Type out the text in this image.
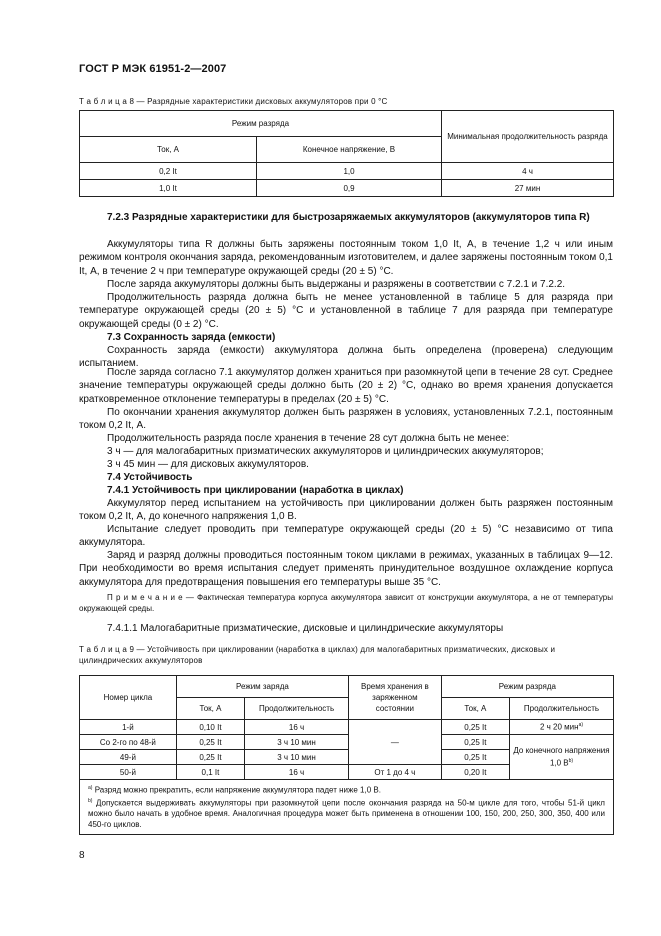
ГОСТ Р МЭК 61951-2—2007
Т а б л и ц а 8 — Разрядные характеристики дисковых аккумуляторов при 0 °С
Режим разряда		Минимальная продолжительность разряда
Ток, А	Конечное напряжение, В	
0,2 It	1,0	4 ч
1,0 It	0,9	27 мин
7.2.3 Разрядные характеристики для быстрозаряжаемых аккумуляторов (аккумуляторов типа R)
Аккумуляторы типа R должны быть заряжены постоянным током 1,0 It, А, в течение 1,2 ч или иным режимом контроля окончания заряда, рекомендованным изготовителем, и далее заряжены постоянным током 0,1 It, А, в течение 2 ч при температуре окружающей среды (20 ± 5) °С.
После заряда аккумуляторы должны быть выдержаны и разряжены в соответствии с 7.2.1 и 7.2.2.
Продолжительность разряда должна быть не менее установленной в таблице 5 для разряда при температуре окружающей среды (20 ± 5) °С и установленной в таблице 7 для разряда при температуре окружающей среды (0 ± 2) °С.
7.3 Сохранность заряда (емкости)
Сохранность заряда (емкости) аккумулятора должна быть определена (проверена) следующим испытанием.
После заряда согласно 7.1 аккумулятор должен храниться при разомкнутой цепи в течение 28 сут. Среднее значение температуры окружающей среды должно быть (20 ± 2) °С, однако во время хранения допускается кратковременное отклонение температуры в пределах (20 ± 5) °С.
По окончании хранения аккумулятор должен быть разряжен в условиях, установленных 7.2.1, постоянным током 0,2 It, А.
Продолжительность разряда после хранения в течение 28 сут должна быть не менее:
3 ч — для малогабаритных призматических аккумуляторов и цилиндрических аккумуляторов;
3 ч 45 мин — для дисковых аккумуляторов.
7.4 Устойчивость
7.4.1 Устойчивость при циклировании (наработка в циклах)
Аккумулятор перед испытанием на устойчивость при циклировании должен быть разряжен постоянным током 0,2 It, А, до конечного напряжения 1,0 В.
Испытание следует проводить при температуре окружающей среды (20 ± 5) °С независимо от типа аккумулятора.
Заряд и разряд должны проводиться постоянным током циклами в режимах, указанных в таблицах 9—12. При необходимости во время испытания следует применять принудительное воздушное охлаждение корпуса аккумулятора для предотвращения повышения его температуры выше 35 °С.
П р и м е ч а н и е — Фактическая температура корпуса аккумулятора зависит от конструкции аккумулятора, а не от температуры окружающей среды.
7.4.1.1 Малогабаритные призматические, дисковые и цилиндрические аккумуляторы
Т а б л и ц а 9 — Устойчивость при циклировании (наработка в циклах) для малогабаритных призматических, дисковых и цилиндрических аккумуляторов
Номер цикла	Режим заряда		Время хранения в заряженном состоянии	Режим разряда	
	Ток, А	Продолжительность		Ток, А	Продолжительность
1-й	0,10 It	16 ч	—	0,25 It	2 ч 20 мин$^{а)}$
Со 2-го по 48-й	0,25 It	3 ч 10 мин		0,25 It	До конечного напряжения 1,0 $В^{b)}$
49-й	0,25 It	3 ч 10 мин		0,25 It	
50-й	0,1 It	16 ч	От 1 до 4 ч	0,20 It	

$^{а)}$ Разряд можно прекратить, если напряжение аккумулятора падет ниже 1,0 В.
$^{b)}$ Допускается выдерживать аккумуляторы при разомкнутой цепи после окончания разряда на 50-м цикле для того, чтобы 51-й цикл можно было начать в удобное время. Аналогичная процедура может быть применена в отношении 100, 150, 200, 250, 300, 350, 400 или 450-го циклов.					
8
